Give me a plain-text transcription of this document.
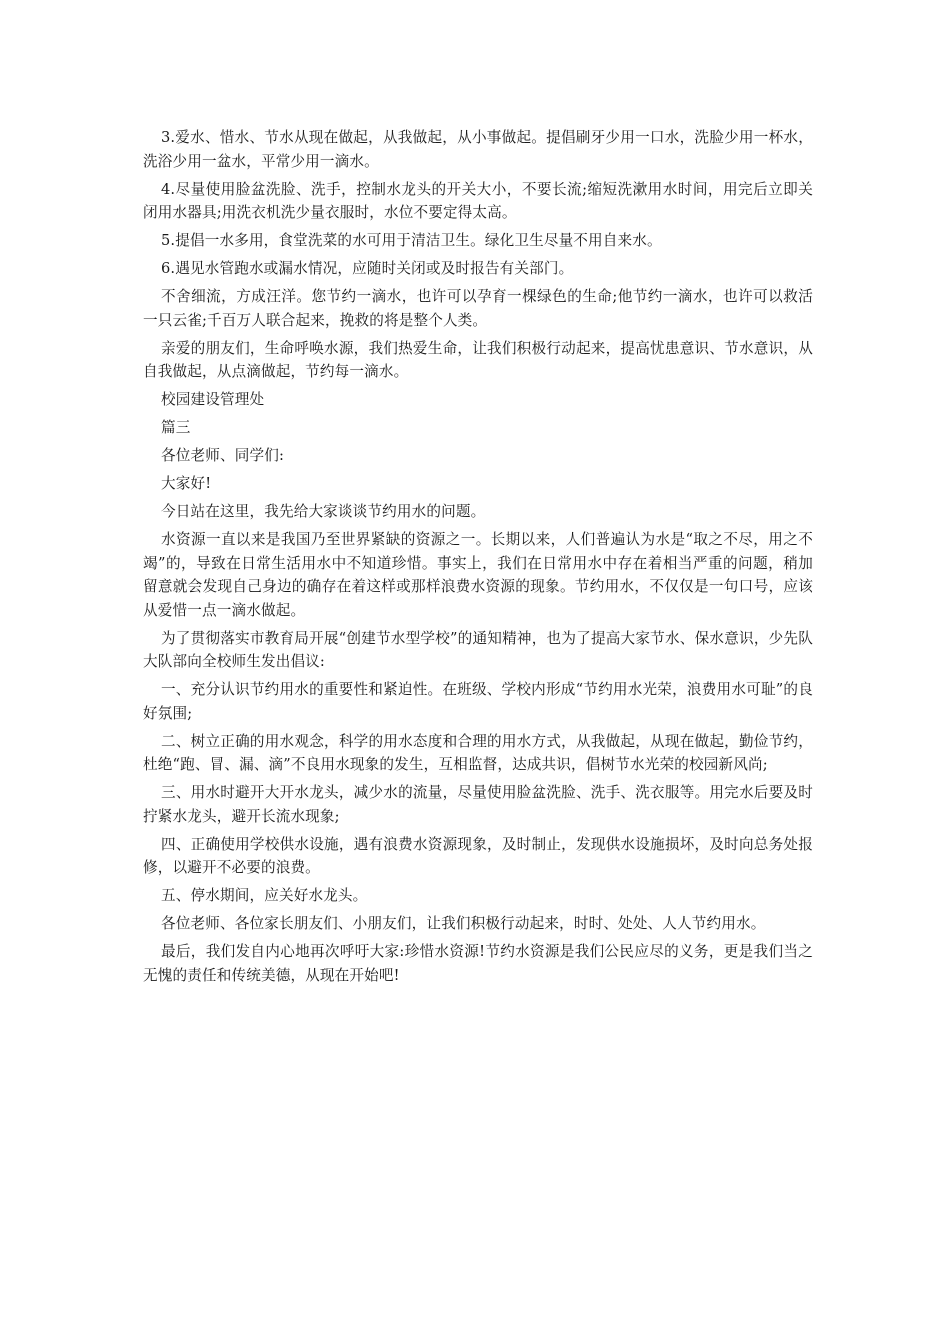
3.爱水、惜水、节水从现在做起，从我做起，从小事做起。提倡刷牙少用一口水，洗脸少用一杯水，洗浴少用一盆水，平常少用一滴水。

4.尽量使用脸盆洗脸、洗手，控制水龙头的开关大小，不要长流;缩短洗漱用水时间，用完后立即关闭用水器具;用洗衣机洗少量衣服时，水位不要定得太高。

5.提倡一水多用，食堂洗菜的水可用于清洁卫生。绿化卫生尽量不用自来水。

6.遇见水管跑水或漏水情况，应随时关闭或及时报告有关部门。

不舍细流，方成汪洋。您节约一滴水，也许可以孕育一棵绿色的生命;他节约一滴水，也许可以救活一只云雀;千百万人联合起来，挽救的将是整个人类。

亲爱的朋友们，生命呼唤水源，我们热爱生命，让我们积极行动起来，提高忧患意识、节水意识，从自我做起，从点滴做起，节约每一滴水。

校园建设管理处

篇三

各位老师、同学们:

大家好!

今日站在这里，我先给大家谈谈节约用水的问题。

水资源一直以来是我国乃至世界紧缺的资源之一。长期以来，人们普遍认为水是“取之不尽，用之不竭”的，导致在日常生活用水中不知道珍惜。事实上，我们在日常用水中存在着相当严重的问题，稍加留意就会发现自己身边的确存在着这样或那样浪费水资源的现象。节约用水，不仅仅是一句口号，应该从爱惜一点一滴水做起。

为了贯彻落实市教育局开展“创建节水型学校”的通知精神，也为了提高大家节水、保水意识，少先队大队部向全校师生发出倡议:

一、充分认识节约用水的重要性和紧迫性。在班级、学校内形成“节约用水光荣，浪费用水可耻”的良好氛围;

二、树立正确的用水观念，科学的用水态度和合理的用水方式，从我做起，从现在做起，勤俭节约，杜绝“跑、冒、漏、滴”不良用水现象的发生，互相监督，达成共识，倡树节水光荣的校园新风尚;

三、用水时避开大开水龙头，减少水的流量，尽量使用脸盆洗脸、洗手、洗衣服等。用完水后要及时拧紧水龙头，避开长流水现象;

四、正确使用学校供水设施，遇有浪费水资源现象，及时制止，发现供水设施损坏，及时向总务处报修，以避开不必要的浪费。

五、停水期间，应关好水龙头。

各位老师、各位家长朋友们、小朋友们，让我们积极行动起来，时时、处处、人人节约用水。

最后，我们发自内心地再次呼吁大家:珍惜水资源!节约水资源是我们公民应尽的义务，更是我们当之无愧的责任和传统美德，从现在开始吧!
